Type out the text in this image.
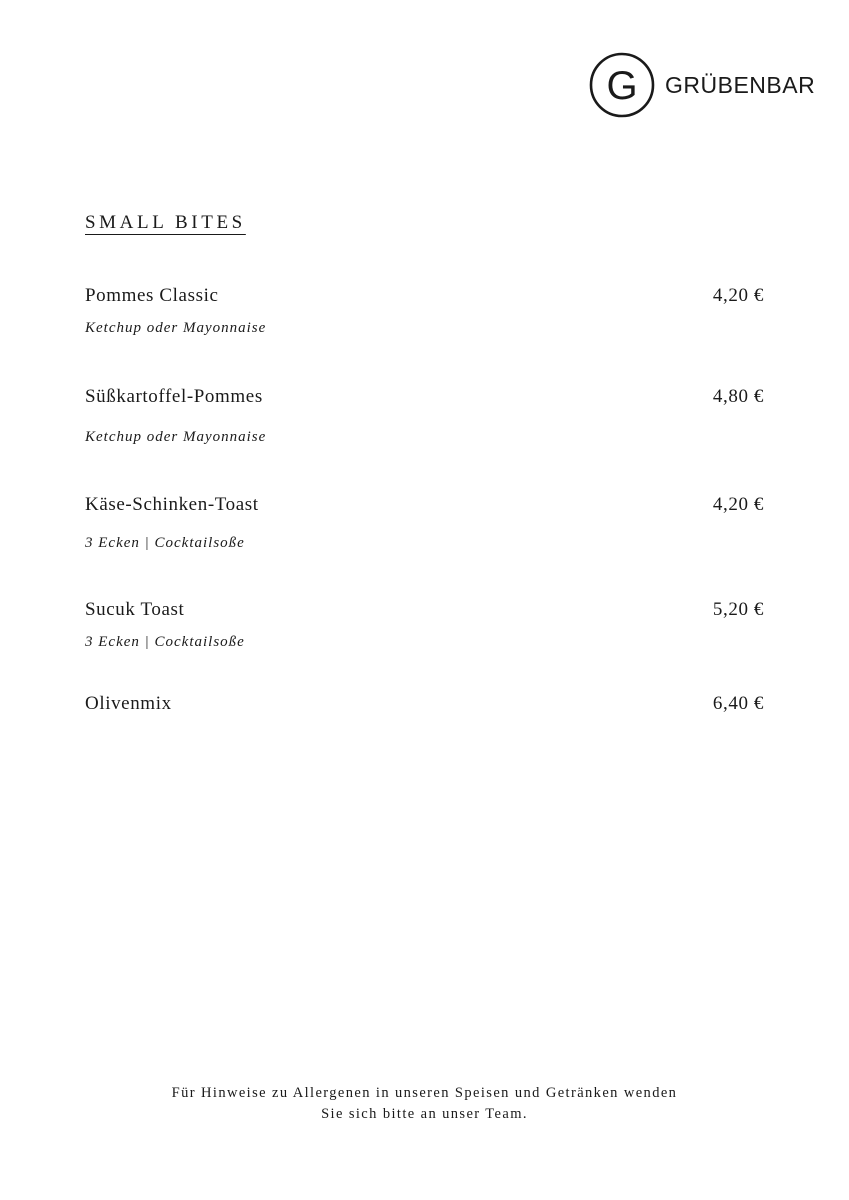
G GRÜBENBAR
SMALL BITES
Pommes Classic	4,20 €
Ketchup oder Mayonnaise
Süßkartoffel-Pommes	4,80 €
Ketchup oder Mayonnaise
Käse-Schinken-Toast	4,20 €
3 Ecken | Cocktailsoße
Sucuk Toast	5,20 €
3 Ecken | Cocktailsoße
Olivenmix	6,40 €
Für Hinweise zu Allergenen in unseren Speisen und Getränken wenden
Sie sich bitte an unser Team.
